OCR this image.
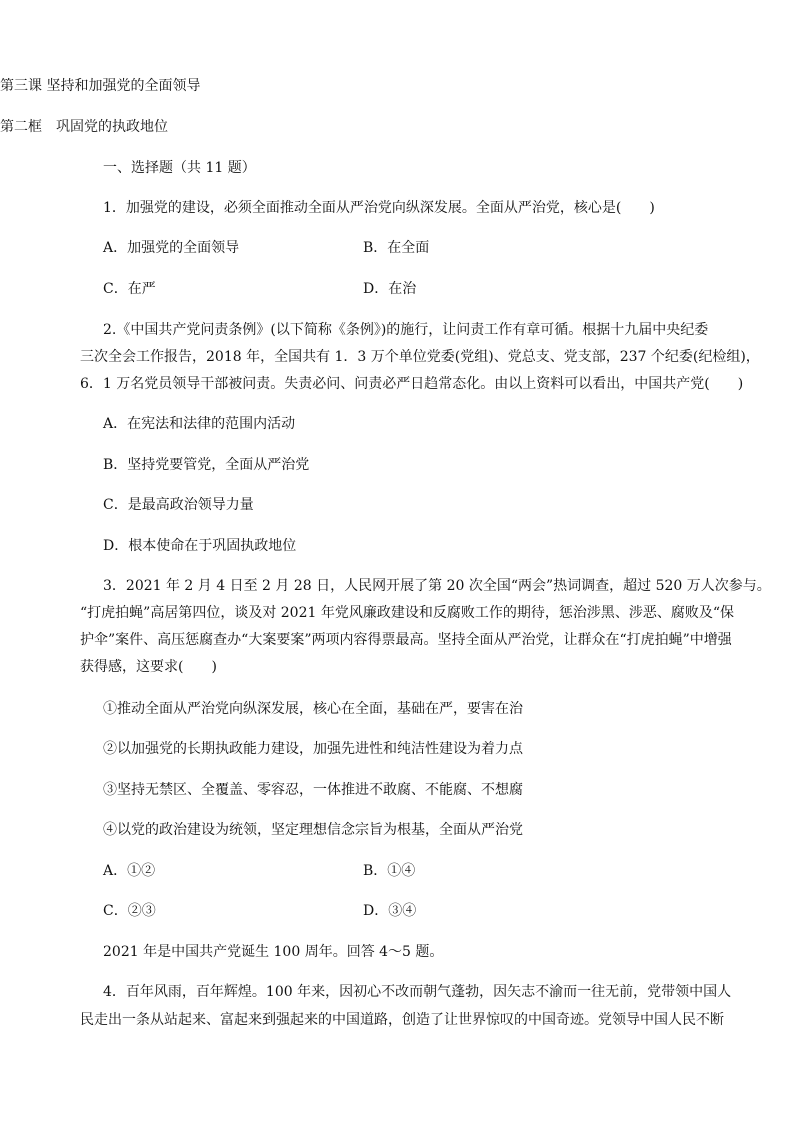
第三课 坚持和加强党的全面领导
第二框　巩固党的执政地位
一、选择题（共 11 题）
1．加强党的建设，必须全面推动全面从严治党向纵深发展。全面从严治党，核心是(　　)
A．加强党的全面领导	B．在全面
C．在严	D．在治
2.《中国共产党问责条例》(以下简称《条例》)的施行，让问责工作有章可循。根据十九届中央纪委
三次全会工作报告，2018 年，全国共有 1．3 万个单位党委(党组)、党总支、党支部，237 个纪委(纪检组)，
6．1 万名党员领导干部被问责。失责必问、问责必严日趋常态化。由以上资料可以看出，中国共产党(　　)
A．在宪法和法律的范围内活动
B．坚持党要管党，全面从严治党
C．是最高政治领导力量
D．根本使命在于巩固执政地位
3．2021 年 2 月 4 日至 2 月 28 日，人民网开展了第 20 次全国“两会”热词调查，超过 520 万人次参与。
“打虎拍蝇”高居第四位，谈及对 2021 年党风廉政建设和反腐败工作的期待，惩治涉黑、涉恶、腐败及“保
护伞”案件、高压惩腐查办“大案要案”两项内容得票最高。坚持全面从严治党，让群众在“打虎拍蝇”中增强
获得感，这要求(　　)
①推动全面从严治党向纵深发展，核心在全面，基础在严，要害在治
②以加强党的长期执政能力建设，加强先进性和纯洁性建设为着力点
③坚持无禁区、全覆盖、零容忍，一体推进不敢腐、不能腐、不想腐
④以党的政治建设为统领，坚定理想信念宗旨为根基，全面从严治党
A．①②	B．①④
C．②③	D．③④
2021 年是中国共产党诞生 100 周年。回答 4～5 题。
4．百年风雨，百年辉煌。100 年来，因初心不改而朝气蓬勃，因矢志不渝而一往无前，党带领中国人
民走出一条从站起来、富起来到强起来的中国道路，创造了让世界惊叹的中国奇迹。党领导中国人民不断
